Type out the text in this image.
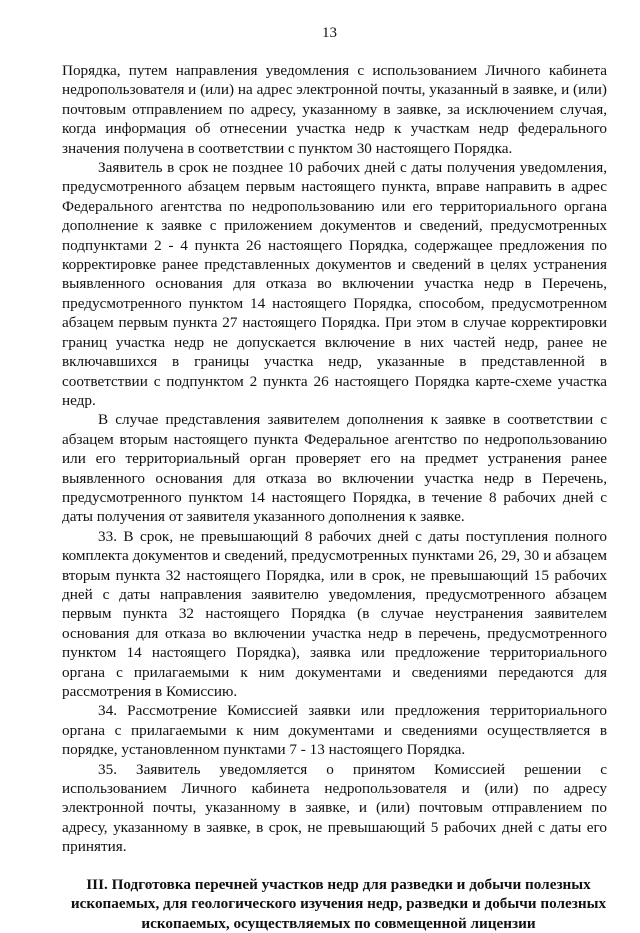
13

Порядка, путем направления уведомления с использованием Личного кабинета недропользователя и (или) на адрес электронной почты, указанный в заявке, и (или) почтовым отправлением по адресу, указанному в заявке, за исключением случая, когда информация об отнесении участка недр к участкам недр федерального значения получена в соответствии с пунктом 30 настоящего Порядка.

Заявитель в срок не позднее 10 рабочих дней с даты получения уведомления, предусмотренного абзацем первым настоящего пункта, вправе направить в адрес Федерального агентства по недропользованию или его территориального органа дополнение к заявке с приложением документов и сведений, предусмотренных подпунктами 2 - 4 пункта 26 настоящего Порядка, содержащее предложения по корректировке ранее представленных документов и сведений в целях устранения выявленного основания для отказа во включении участка недр в Перечень, предусмотренного пунктом 14 настоящего Порядка, способом, предусмотренном абзацем первым пункта 27 настоящего Порядка. При этом в случае корректировки границ участка недр не допускается включение в них частей недр, ранее не включавшихся в границы участка недр, указанные в представленной в соответствии с подпунктом 2 пункта 26 настоящего Порядка карте-схеме участка недр.

В случае представления заявителем дополнения к заявке в соответствии с абзацем вторым настоящего пункта Федеральное агентство по недропользованию или его территориальный орган проверяет его на предмет устранения ранее выявленного основания для отказа во включении участка недр в Перечень, предусмотренного пунктом 14 настоящего Порядка, в течение 8 рабочих дней с даты получения от заявителя указанного дополнения к заявке.

33. В срок, не превышающий 8 рабочих дней с даты поступления полного комплекта документов и сведений, предусмотренных пунктами 26, 29, 30 и абзацем вторым пункта 32 настоящего Порядка, или в срок, не превышающий 15 рабочих дней с даты направления заявителю уведомления, предусмотренного абзацем первым пункта 32 настоящего Порядка (в случае неустранения заявителем основания для отказа во включении участка недр в перечень, предусмотренного пунктом 14 настоящего Порядка), заявка или предложение территориального органа с прилагаемыми к ним документами и сведениями передаются для рассмотрения в Комиссию.

34. Рассмотрение Комиссией заявки или предложения территориального органа с прилагаемыми к ним документами и сведениями осуществляется в порядке, установленном пунктами 7 - 13 настоящего Порядка.

35. Заявитель уведомляется о принятом Комиссией решении с использованием Личного кабинета недропользователя и (или) по адресу электронной почты, указанному в заявке, и (или) почтовым отправлением по адресу, указанному в заявке, в срок, не превышающий 5 рабочих дней с даты его принятия.

III. Подготовка перечней участков недр для разведки и добычи полезных ископаемых, для геологического изучения недр, разведки и добычи полезных ископаемых, осуществляемых по совмещенной лицензии
